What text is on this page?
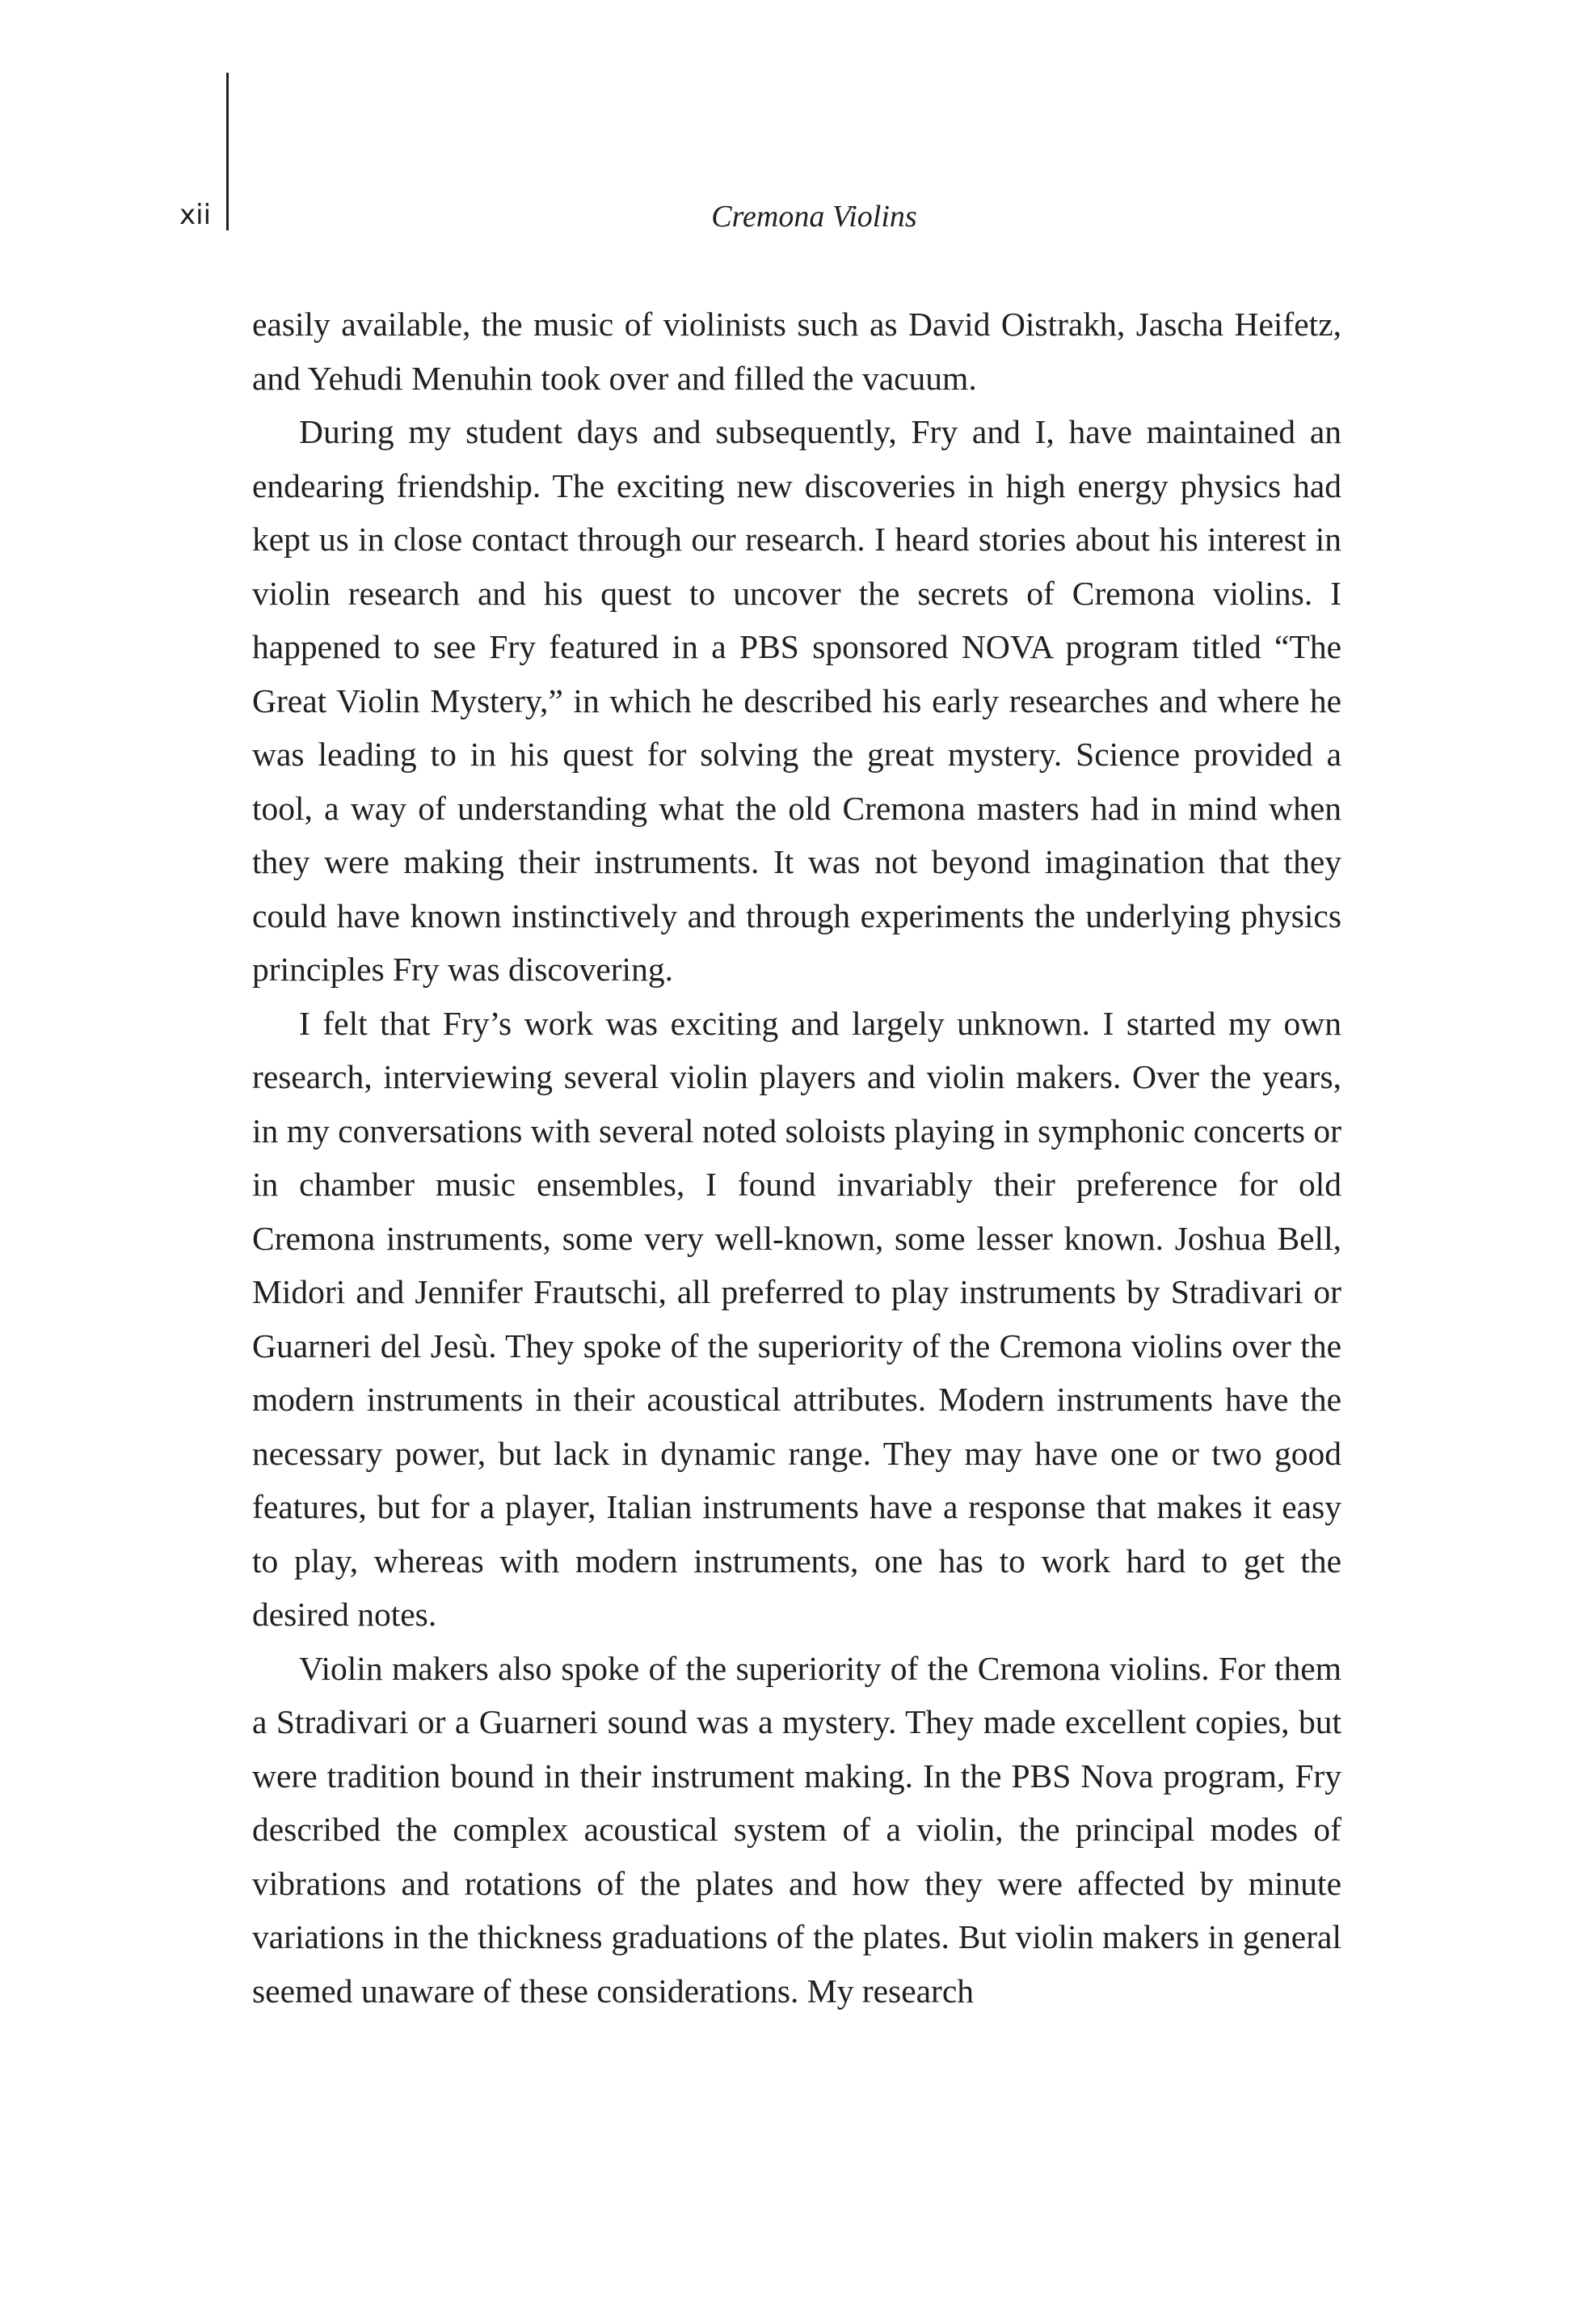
xii	Cremona Violins

easily available, the music of violinists such as David Oistrakh, Jascha Heifetz, and Yehudi Menuhin took over and filled the vacuum.

During my student days and subsequently, Fry and I, have maintained an endearing friendship. The exciting new discoveries in high energy physics had kept us in close contact through our research. I heard stories about his interest in violin research and his quest to uncover the secrets of Cremona violins. I happened to see Fry featured in a PBS sponsored NOVA program titled “The Great Violin Mystery,” in which he described his early researches and where he was leading to in his quest for solving the great mystery. Science provided a tool, a way of understanding what the old Cremona masters had in mind when they were making their instruments. It was not beyond imagination that they could have known instinctively and through experiments the underlying physics principles Fry was discovering.

I felt that Fry’s work was exciting and largely unknown. I started my own research, interviewing several violin players and violin makers. Over the years, in my conversations with several noted soloists playing in symphonic concerts or in chamber music ensembles, I found invariably their preference for old Cremona instruments, some very well-known, some lesser known. Joshua Bell, Midori and Jennifer Frautschi, all preferred to play instruments by Stradivari or Guarneri del Jesù. They spoke of the superiority of the Cremona violins over the modern instruments in their acoustical attributes. Modern instruments have the necessary power, but lack in dynamic range. They may have one or two good features, but for a player, Italian instruments have a response that makes it easy to play, whereas with modern instruments, one has to work hard to get the desired notes.

Violin makers also spoke of the superiority of the Cremona violins. For them a Stradivari or a Guarneri sound was a mystery. They made excellent copies, but were tradition bound in their instrument making. In the PBS Nova program, Fry described the complex acoustical system of a violin, the principal modes of vibrations and rotations of the plates and how they were affected by minute variations in the thickness graduations of the plates. But violin makers in general seemed unaware of these considerations. My research
